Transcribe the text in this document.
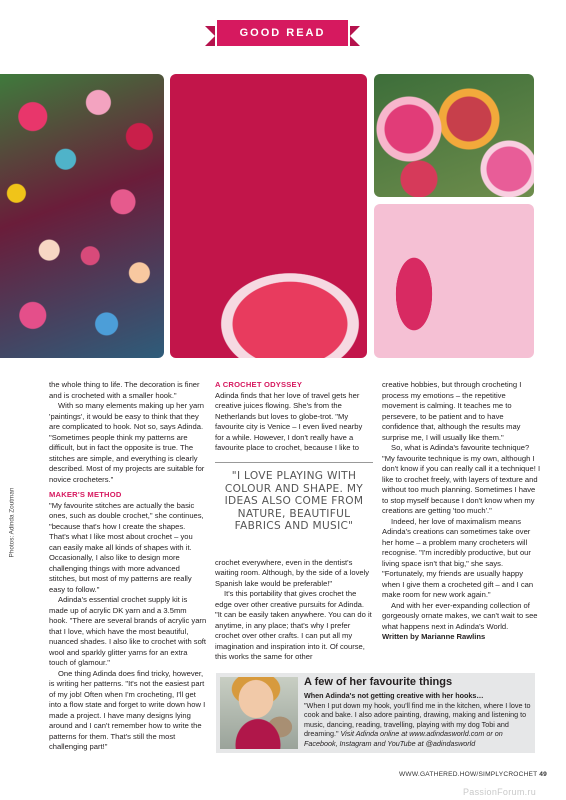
GOOD READ
Photos: Adinda Zoutman

the whole thing to life. The decoration is finer and is crocheted with a smaller hook."

With so many elements making up her yarn 'paintings', it would be easy to think that they are complicated to hook. Not so, says Adinda. "Sometimes people think my patterns are difficult, but in fact the opposite is true. The stitches are simple, and everything is clearly described. Most of my projects are suitable for novice crocheters."

MAKER'S METHOD

"My favourite stitches are actually the basic ones, such as double crochet," she continues, "because that's how I create the shapes. That's what I like most about crochet – you can easily make all kinds of shapes with it. Occasionally, I also like to design more challenging things with more advanced stitches, but most of my patterns are really easy to follow."

Adinda's essential crochet supply kit is made up of acrylic DK yarn and a 3.5mm hook. "There are several brands of acrylic yarn that I love, which have the most beautiful, nuanced shades. I also like to crochet with soft wool and sparkly glitter yarns for an extra touch of glamour."

One thing Adinda does find tricky, however, is writing her patterns. "It's not the easiest part of my job! Often when I'm crocheting, I'll get into a flow state and forget to write down how I made a project. I have many designs lying around and I can't remember how to write the patterns for them. That's still the most challenging part!"

A CROCHET ODYSSEY

Adinda finds that her love of travel gets her creative juices flowing. She's from the Netherlands but loves to globe-trot. "My favourite city is Venice – I even lived nearby for a while. However, I don't really have a favourite place to crochet, because I like to

crochet everywhere, even in the dentist's waiting room. Although, by the side of a lovely Spanish lake would be preferable!"

It's this portability that gives crochet the edge over other creative pursuits for Adinda. "It can be easily taken anywhere. You can do it anytime, in any place; that's why I prefer crochet over other crafts. I can put all my imagination and inspiration into it. Of course, this works the same for other

"I LOVE PLAYING WITH COLOUR AND SHAPE. MY IDEAS ALSO COME FROM NATURE, BEAUTIFUL FABRICS AND MUSIC"

creative hobbies, but through crocheting I process my emotions – the repetitive movement is calming. It teaches me to persevere, to be patient and to have confidence that, although the results may surprise me, I will usually like them."

So, what is Adinda's favourite technique? "My favourite technique is my own, although I don't know if you can really call it a technique! I like to crochet freely, with layers of texture and without too much planning. Sometimes I have to stop myself because I don't know when my creations are getting 'too much'."

Indeed, her love of maximalism means Adinda's creations can sometimes take over her home – a problem many crocheters will recognise. "I'm incredibly productive, but our living space isn't that big," she says. "Fortunately, my friends are usually happy when I give them a crocheted gift – and I can make room for new work again."

And with her ever-expanding collection of gorgeously ornate makes, we can't wait to see what happens next in Adinda's World.

Written by Marianne Rawlins

A few of her favourite things
When Adinda's not getting creative with her hooks…
"When I put down my hook, you'll find me in the kitchen, where I love to cook and bake. I also adore painting, drawing, making and listening to music, dancing, reading, travelling, playing with my dog Tobi and dreaming." Visit Adinda online at www.adindasworld.com or on Facebook, Instagram and YouTube at @adindasworld
WWW.GATHERED.HOW/SIMPLYCROCHET 49
PassionForum.ru
